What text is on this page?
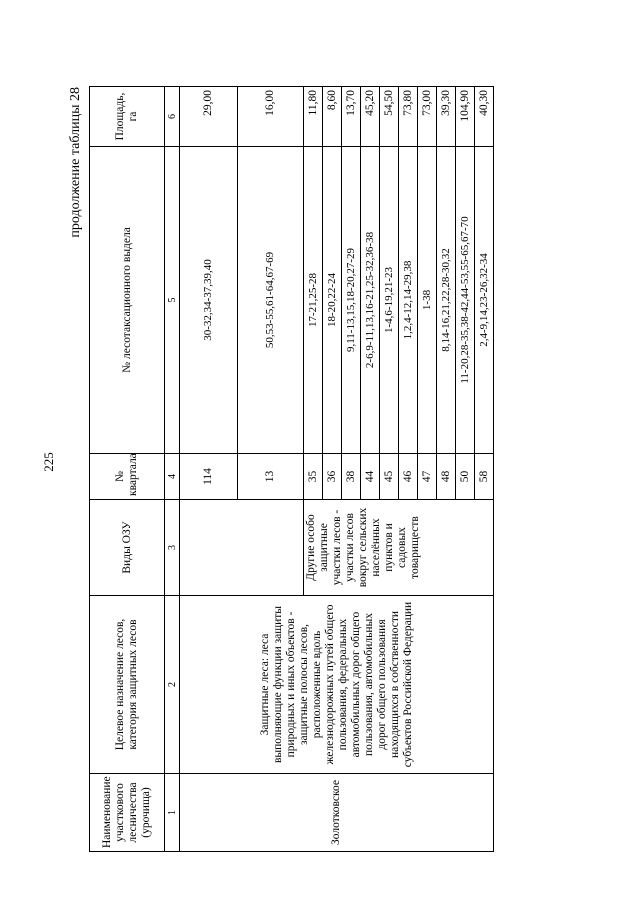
225
продолжение таблицы 28
Наименование участкового лесничества (урочища)	Целевое назначение лесов, категория защитных лесов	Виды ОЗУ	№ квартала	№ лесотаксационного выдела	Площадь, га
1	2	3	4	5	6
Золотковское	Защитные леса: леса выполняющие функции защиты природных и иных объектов - защитные полосы лесов, расположенные вдоль железнодорожных путей общего пользования, федеральных автомобильных дорог общего пользования, автомобильных дорог общего пользования находящихся в собственности субъектов Российской Федерации		114	30-32,34-37,39,40	29,00
			13	50,53-55,61-64,67-69	16,00
		Другие особо защитные участки лесов - участки лесов вокруг сельских населённых пунктов и садовых товариществ	35	17-21,25-28	11,80
			36	18-20,22-24	8,60
			38	9,11-13,15,18-20,27-29	13,70
			44	2-6,9-11,13,16-21,25-32,36-38	45,20
			45	1-4,6-19,21-23	54,50
			46	1,2,4-12,14-29,38	73,80
			47	1-38	73,00
			48	8,14-16,21,22,28-30,32	39,30
			50	11-20,28-35,38-42,44-53,55-65,67-70	104,90
			58	2,4-9,14,23-26,32-34	40,30
